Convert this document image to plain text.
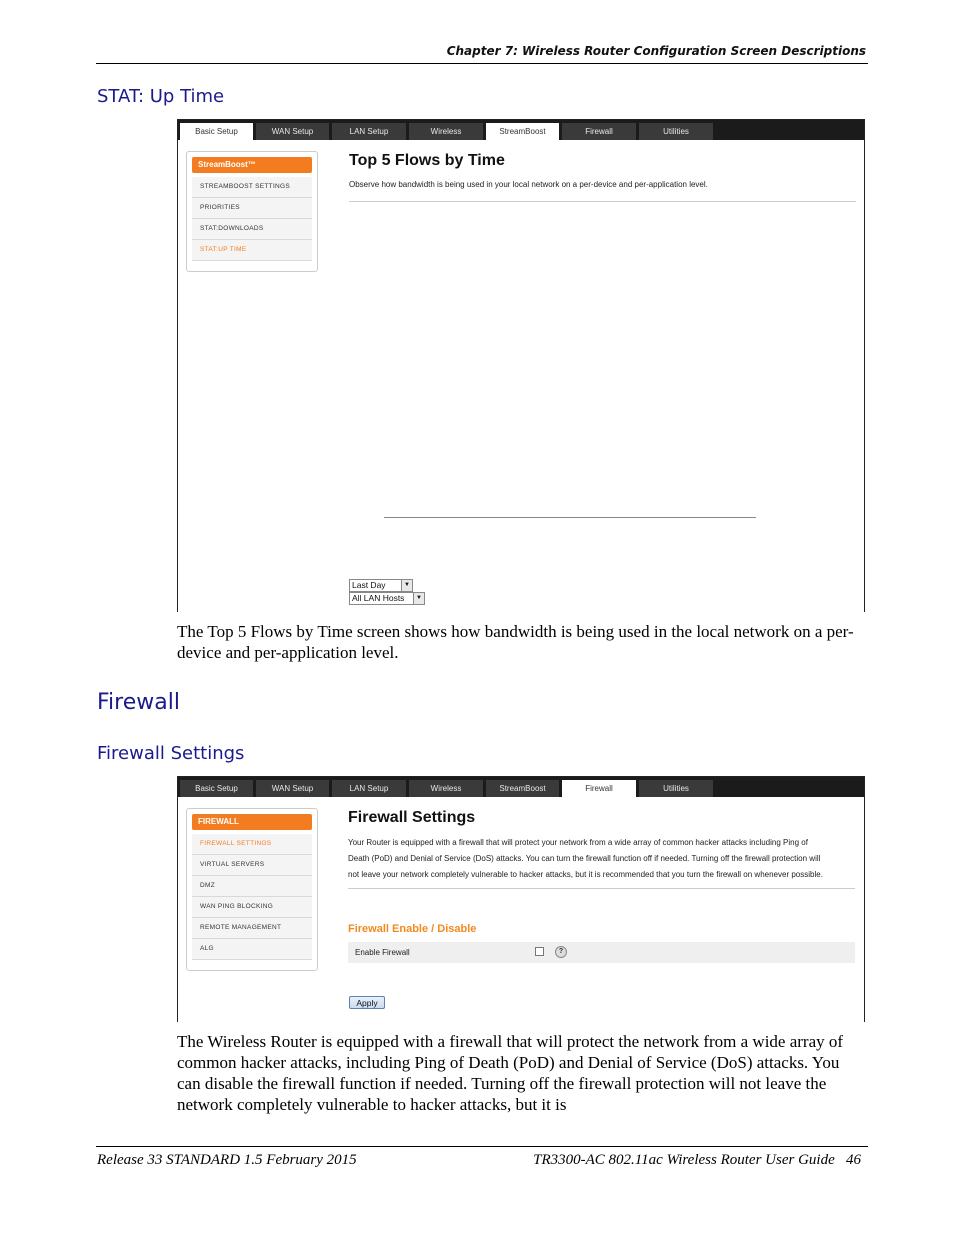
Chapter 7: Wireless Router Configuration Screen Descriptions
STAT: Up Time
Basic Setup	WAN Setup	LAN Setup	Wireless	StreamBoost	Firewall	Utilities
StreamBoost™
STREAMBOOST SETTINGS
PRIORITIES
STAT:DOWNLOADS
STAT:UP TIME
Top 5 Flows by Time
Observe how bandwidth is being used in your local network on a per-device and per-application level.
Last Day	▼
All LAN Hosts	▼

The Top 5 Flows by Time screen shows how bandwidth is being used in the local network on a per-device and per-application level.

Firewall
Firewall Settings
Basic Setup	WAN Setup	LAN Setup	Wireless	StreamBoost	Firewall	Utilities
FIREWALL
FIREWALL SETTINGS
VIRTUAL SERVERS
DMZ
WAN PING BLOCKING
REMOTE MANAGEMENT
ALG
Firewall Settings
Your Router is equipped with a firewall that will protect your network from a wide array of common hacker attacks including Ping of
Death (PoD) and Denial of Service (DoS) attacks. You can turn the firewall function off if needed. Turning off the firewall protection will
not leave your network completely vulnerable to hacker attacks, but it is recommended that you turn the firewall on whenever possible.
Firewall Enable / Disable
Enable Firewall	?
Apply

The Wireless Router is equipped with a firewall that will protect the network from a wide array of common hacker attacks, including Ping of Death (PoD) and Denial of Service (DoS) attacks. You can disable the firewall function if needed. Turning off the firewall protection will not leave the network completely vulnerable to hacker attacks, but it is

Release 33 STANDARD 1.5 February 2015	TR3300-AC 802.11ac Wireless Router User Guide 46
